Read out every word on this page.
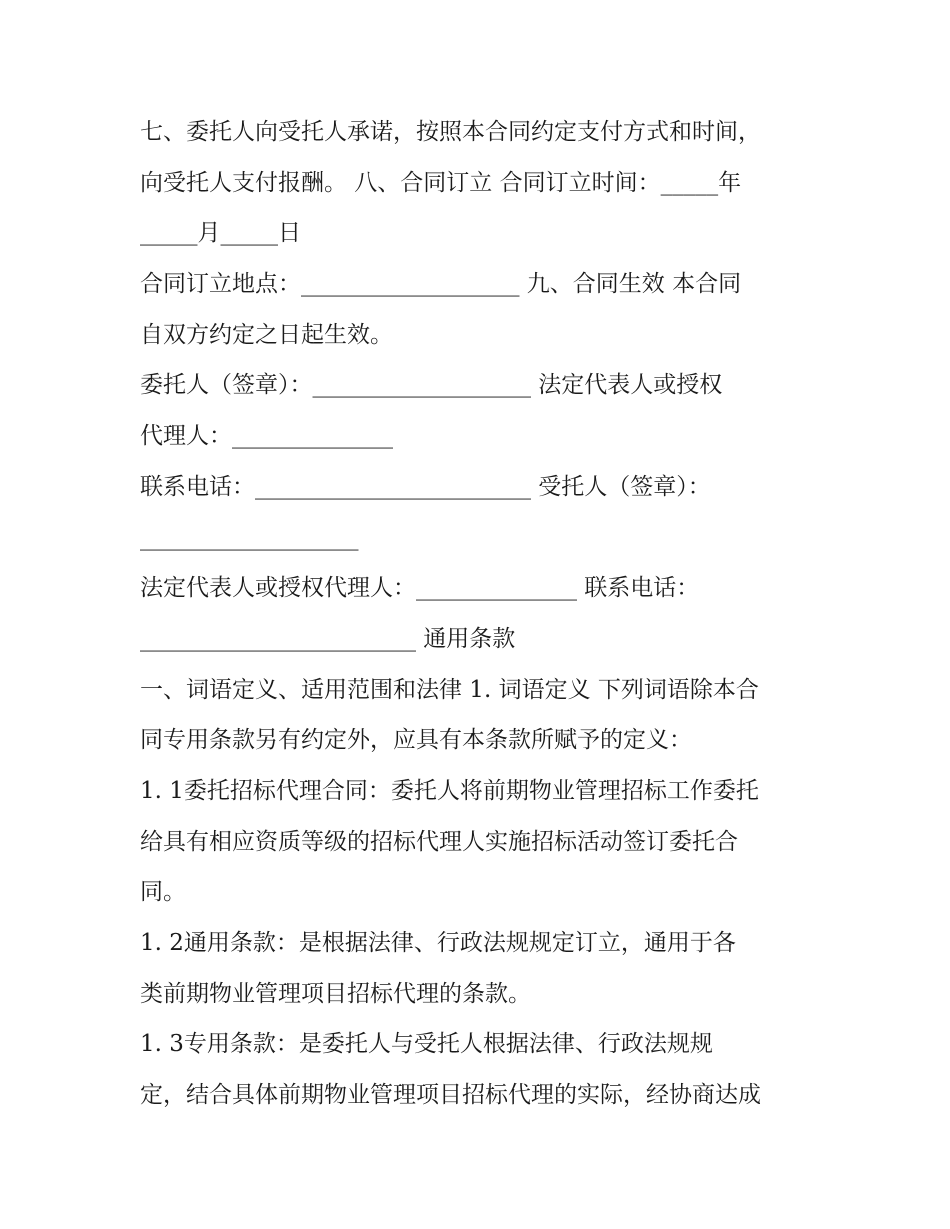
七、委托人向受托人承诺，按照本合同约定支付方式和时间，
向受托人支付报酬。 八、合同订立 合同订立时间：_____年
_____月_____日
合同订立地点：___________________ 九、合同生效 本合同
自双方约定之日起生效。
委托人（签章）：___________________ 法定代表人或授权
代理人：______________
联系电话：________________________ 受托人（签章）：
___________________
法定代表人或授权代理人：______________ 联系电话：
________________________ 通用条款
一、词语定义、适用范围和法律 1. 词语定义 下列词语除本合
同专用条款另有约定外，应具有本条款所赋予的定义：
1. 1委托招标代理合同：委托人将前期物业管理招标工作委托
给具有相应资质等级的招标代理人实施招标活动签订委托合
同。
1. 2通用条款：是根据法律、行政法规规定订立，通用于各
类前期物业管理项目招标代理的条款。
1. 3专用条款：是委托人与受托人根据法律、行政法规规
定，结合具体前期物业管理项目招标代理的实际，经协商达成
